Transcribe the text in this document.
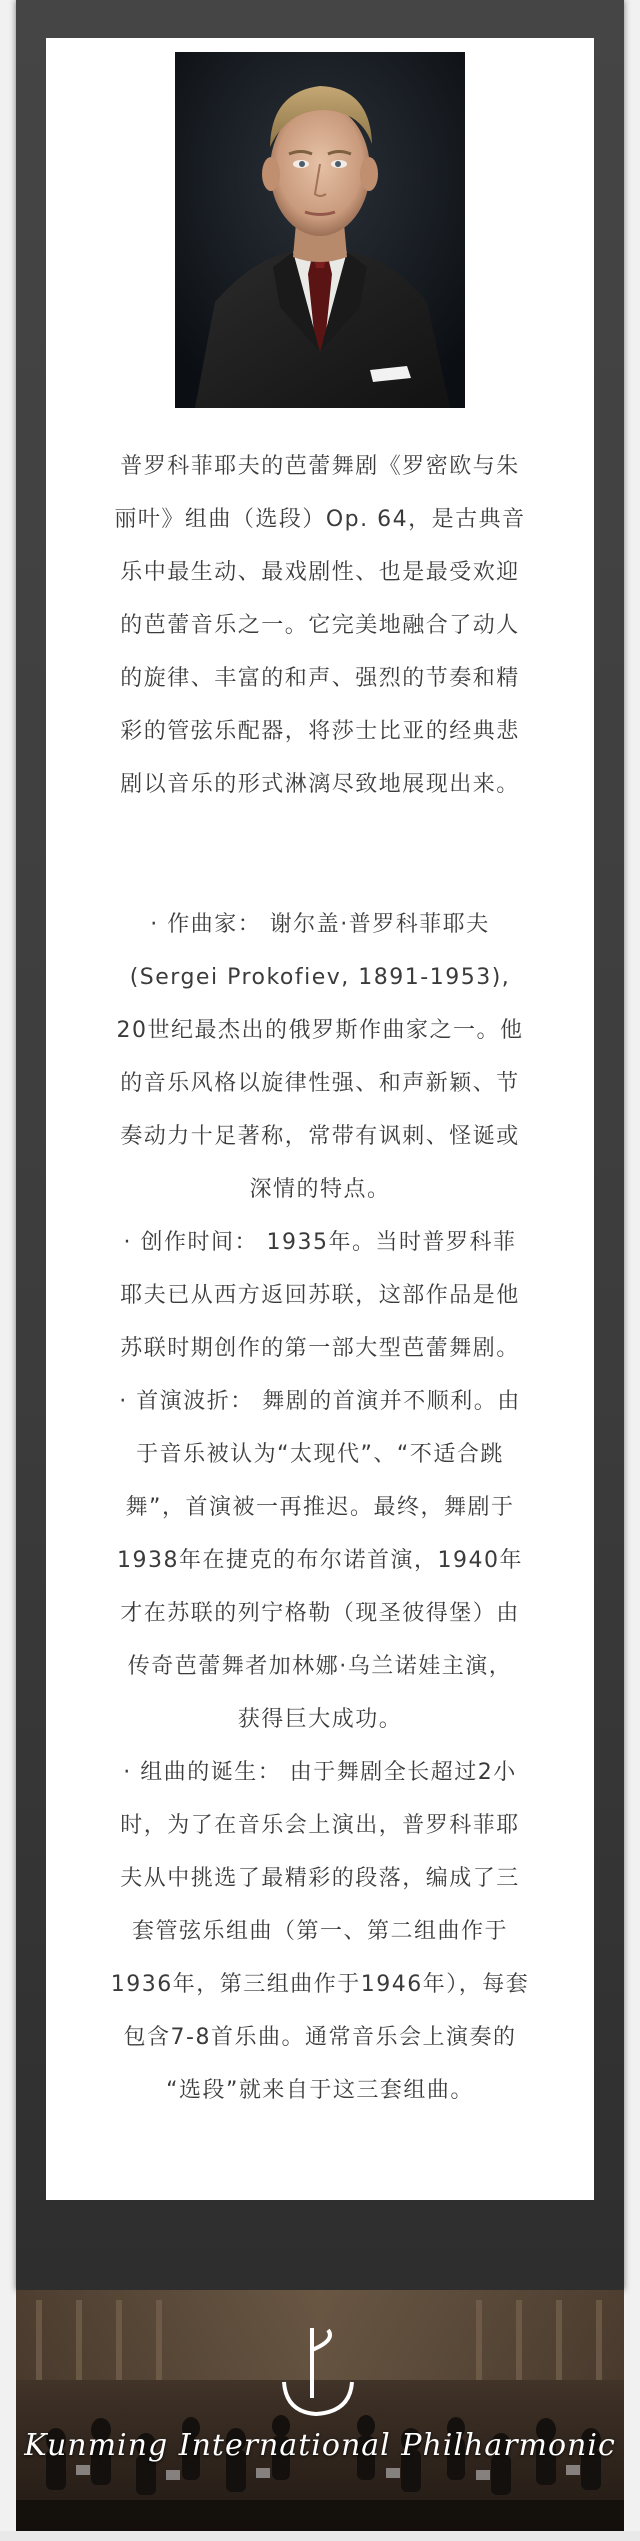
普罗科菲耶夫的芭蕾舞剧《罗密欧与朱

丽叶》组曲（选段）Op. 64，是古典音

乐中最生动、最戏剧性、也是最受欢迎

的芭蕾音乐之一。它完美地融合了动人

的旋律、丰富的和声、强烈的节奏和精

彩的管弦乐配器，将莎士比亚的经典悲

剧以音乐的形式淋漓尽致地展现出来。

· 作曲家： 谢尔盖·普罗科菲耶夫

(Sergei Prokofiev, 1891-1953),

20世纪最杰出的俄罗斯作曲家之一。他

的音乐风格以旋律性强、和声新颖、节

奏动力十足著称，常带有讽刺、怪诞或

深情的特点。

· 创作时间： 1935年。当时普罗科菲

耶夫已从西方返回苏联，这部作品是他

苏联时期创作的第一部大型芭蕾舞剧。

· 首演波折： 舞剧的首演并不顺利。由

于音乐被认为“太现代”、“不适合跳

舞”，首演被一再推迟。最终，舞剧于

1938年在捷克的布尔诺首演，1940年

才在苏联的列宁格勒（现圣彼得堡）由

传奇芭蕾舞者加林娜·乌兰诺娃主演，

获得巨大成功。

· 组曲的诞生： 由于舞剧全长超过2小

时，为了在音乐会上演出，普罗科菲耶

夫从中挑选了最精彩的段落，编成了三

套管弦乐组曲（第一、第二组曲作于

1936年，第三组曲作于1946年），每套

包含7-8首乐曲。通常音乐会上演奏的

“选段”就来自于这三套组曲。

Kunming International Philharmonic
